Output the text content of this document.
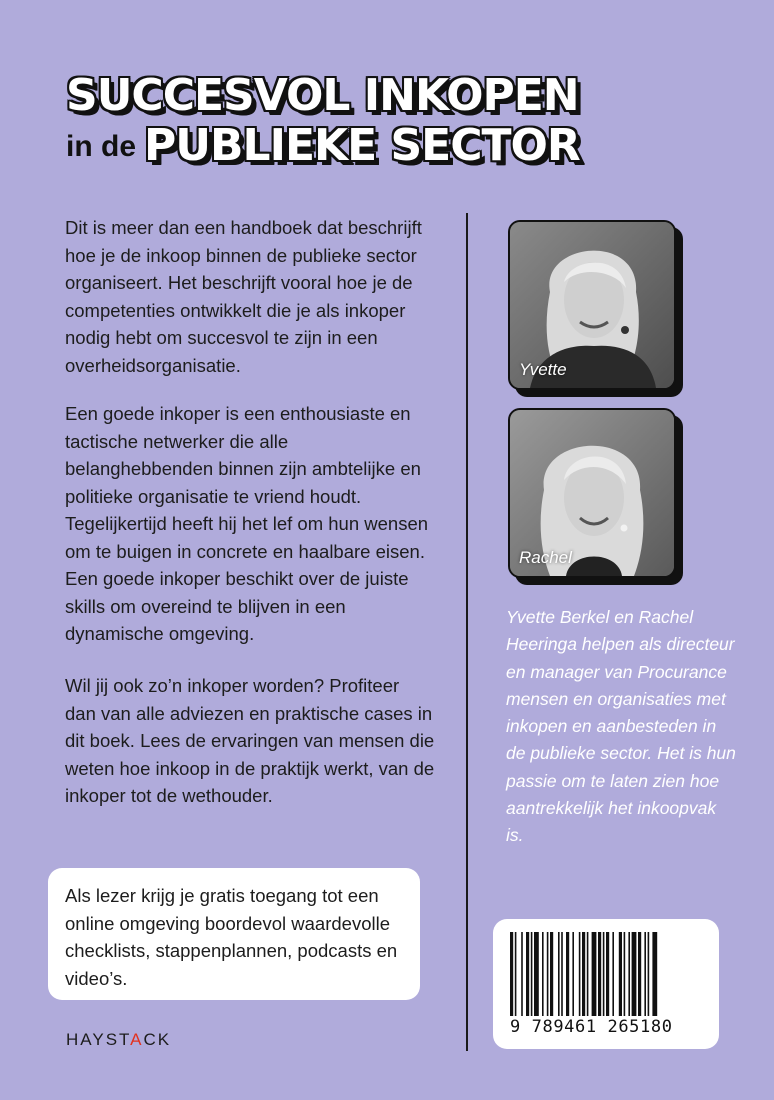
SUCCESVOL INKOPEN
in de PUBLIEKE SECTOR

Dit is meer dan een handboek dat beschrijft hoe je de inkoop binnen de publieke sector organiseert. Het beschrijft vooral hoe je de competenties ontwikkelt die je als inkoper nodig hebt om succesvol te zijn in een overheidsorganisatie.

Een goede inkoper is een enthousiaste en tactische netwerker die alle belanghebbenden binnen zijn ambtelijke en politieke organisatie te vriend houdt. Tegelijkertijd heeft hij het lef om hun wensen om te buigen in concrete en haalbare eisen. Een goede inkoper beschikt over de juiste skills om overeind te blijven in een dynamische omgeving.

Wil jij ook zo’n inkoper worden? Profiteer dan van alle adviezen en praktische cases in dit boek. Lees de ervaringen van mensen die weten hoe inkoop in de praktijk werkt, van de inkoper tot de wethouder.

Als lezer krijg je gratis toegang tot een online omgeving boordevol waardevolle checklists, stappenplannen, podcasts en video’s.

HAYSTACK
Yvette
Rachel
Yvette Berkel en Rachel Heeringa helpen als directeur en manager van Procurance mensen en organisaties met inkopen en aanbesteden in de publieke sector. Het is hun passie om te laten zien hoe aantrekkelijk het inkoopvak is.
9 789461 265180
